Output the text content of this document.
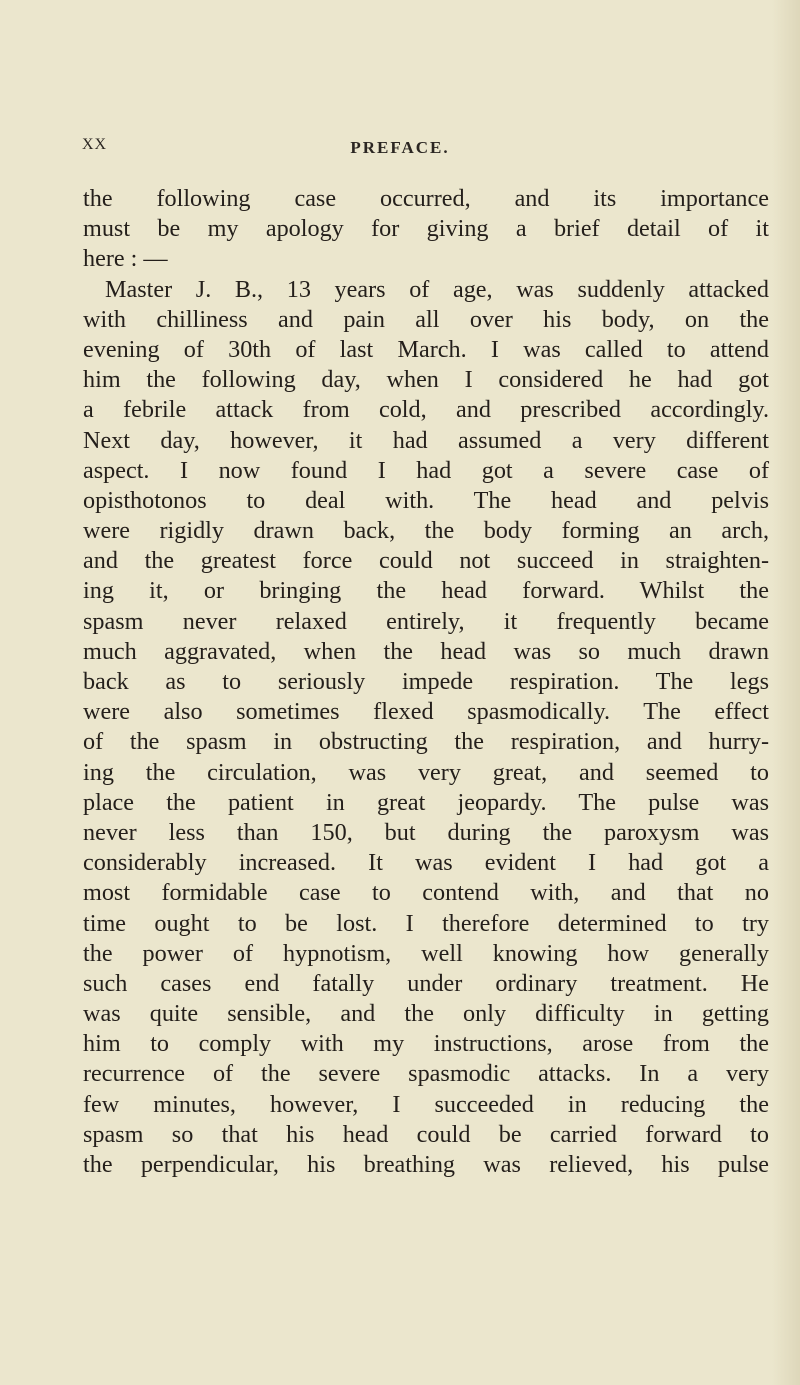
XX	PREFACE.
the following case occurred, and its importance
must be my apology for giving a brief detail of it
here : —
Master J. B., 13 years of age, was suddenly attacked
with chilliness and pain all over his body, on the
evening of 30th of last March. I was called to attend
him the following day, when I considered he had got
a febrile attack from cold, and prescribed accordingly.
Next day, however, it had assumed a very different
aspect. I now found I had got a severe case of
opisthotonos to deal with. The head and pelvis
were rigidly drawn back, the body forming an arch,
and the greatest force could not succeed in straighten-
ing it, or bringing the head forward. Whilst the
spasm never relaxed entirely, it frequently became
much aggravated, when the head was so much drawn
back as to seriously impede respiration. The legs
were also sometimes flexed spasmodically. The effect
of the spasm in obstructing the respiration, and hurry-
ing the circulation, was very great, and seemed to
place the patient in great jeopardy. The pulse was
never less than 150, but during the paroxysm was
considerably increased. It was evident I had got a
most formidable case to contend with, and that no
time ought to be lost. I therefore determined to try
the power of hypnotism, well knowing how generally
such cases end fatally under ordinary treatment. He
was quite sensible, and the only difficulty in getting
him to comply with my instructions, arose from the
recurrence of the severe spasmodic attacks. In a very
few minutes, however, I succeeded in reducing the
spasm so that his head could be carried forward to
the perpendicular, his breathing was relieved, his pulse
